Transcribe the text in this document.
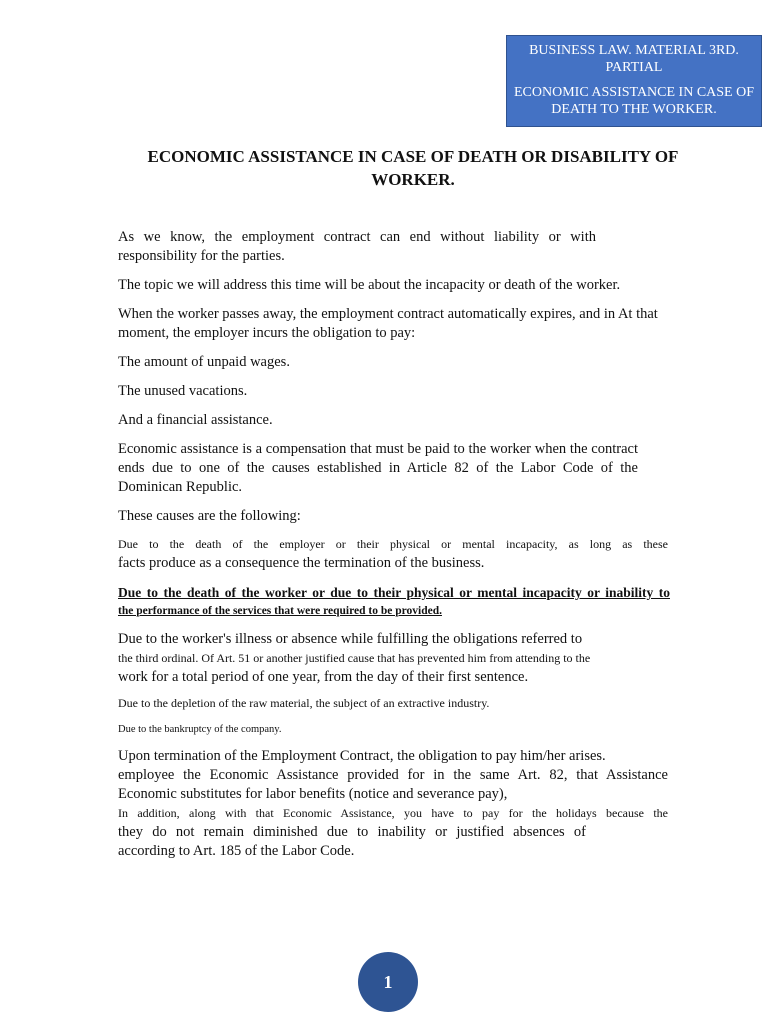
BUSINESS LAW. MATERIAL 3RD. PARTIAL
ECONOMIC ASSISTANCE IN CASE OF DEATH TO THE WORKER.
ECONOMIC ASSISTANCE IN CASE OF DEATH OR DISABILITY OF WORKER.

As we know, the employment contract can end without liability or with responsibility for the parties.

The topic we will address this time will be about the incapacity or death of the worker.

When the worker passes away, the employment contract automatically expires, and in At that moment, the employer incurs the obligation to pay:

The amount of unpaid wages.

The unused vacations.

And a financial assistance.

Economic assistance is a compensation that must be paid to the worker when the contract ends due to one of the causes established in Article 82 of the Labor Code of the Dominican Republic.

These causes are the following:

Due to the death of the employer or their physical or mental incapacity, as long as these
facts produce as a consequence the termination of the business.
Due to the death of the worker or due to their physical or mental incapacity or inability to
the performance of the services that were required to be provided.
Due to the worker's illness or absence while fulfilling the obligations referred to
the third ordinal. Of Art. 51 or another justified cause that has prevented him from attending to the
work for a total period of one year, from the day of their first sentence.
Due to the depletion of the raw material, the subject of an extractive industry.
Due to the bankruptcy of the company.
Upon termination of the Employment Contract, the obligation to pay him/her arises.
employee the Economic Assistance provided for in the same Art. 82, that Assistance Economic substitutes for labor benefits (notice and severance pay),
In addition, along with that Economic Assistance, you have to pay for the holidays because the
they do not remain diminished due to inability or justified absences of
according to Art. 185 of the Labor Code.
1
